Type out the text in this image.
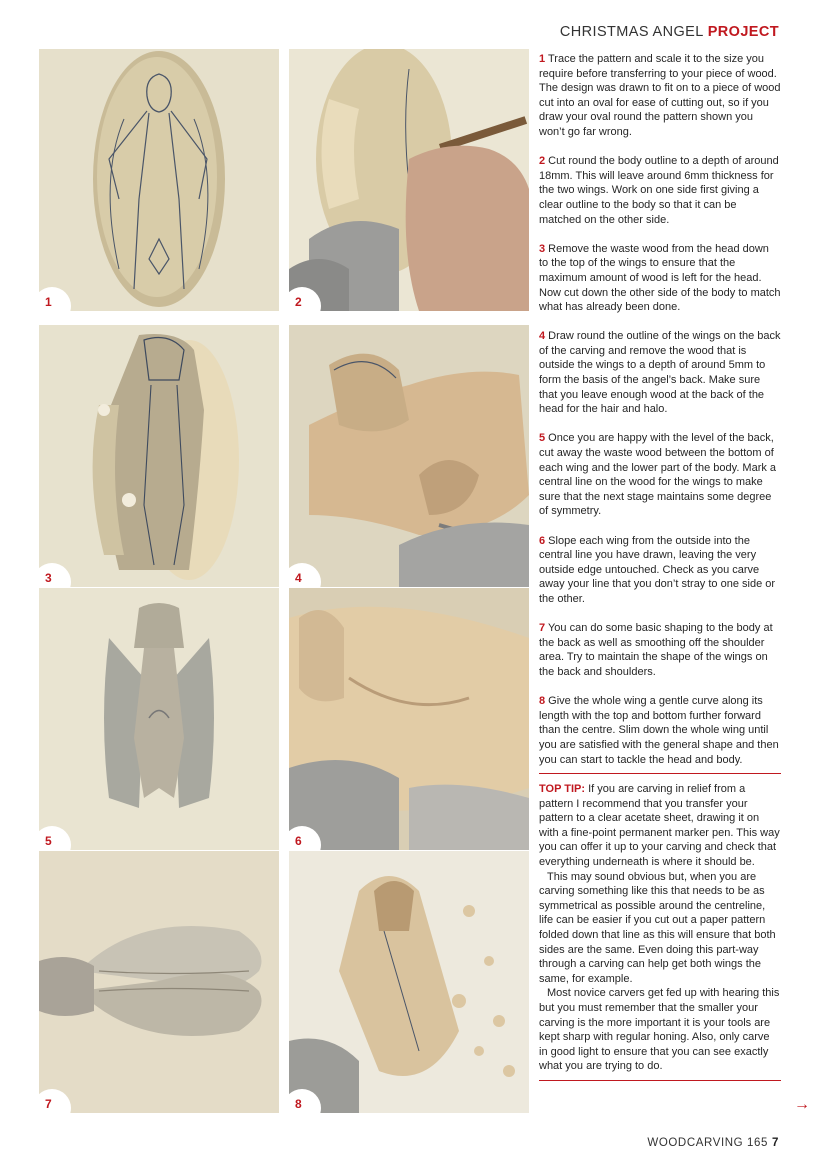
CHRISTMAS ANGEL PROJECT
1	2
3	4
5	6
7	8

1 Trace the pattern and scale it to the size you require before transferring to your piece of wood. The design was drawn to fit on to a piece of wood cut into an oval for ease of cutting out, so if you draw your oval round the pattern shown you won’t go far wrong.

2 Cut round the body outline to a depth of around 18mm. This will leave around 6mm thickness for the two wings. Work on one side first giving a clear outline to the body so that it can be matched on the other side.

3 Remove the waste wood from the head down to the top of the wings to ensure that the maximum amount of wood is left for the head. Now cut down the other side of the body to match what has already been done.

4 Draw round the outline of the wings on the back of the carving and remove the wood that is outside the wings to a depth of around 5mm to form the basis of the angel’s back. Make sure that you leave enough wood at the back of the head for the hair and halo.

5 Once you are happy with the level of the back, cut away the waste wood between the bottom of each wing and the lower part of the body. Mark a central line on the wood for the wings to make sure that the next stage maintains some degree of symmetry.

6 Slope each wing from the outside into the central line you have drawn, leaving the very outside edge untouched. Check as you carve away your line that you don’t stray to one side or the other.

7 You can do some basic shaping to the body at the back as well as smoothing off the shoulder area. Try to maintain the shape of the wings on the back and shoulders.

8 Give the whole wing a gentle curve along its length with the top and bottom further forward than the centre. Slim down the whole wing until you are satisfied with the general shape and then you can start to tackle the head and body.

TOP TIP: If you are carving in relief from a pattern I recommend that you transfer your pattern to a clear acetate sheet, drawing it on with a fine-point permanent marker pen. This way you can offer it up to your carving and check that everything underneath is where it should be.

This may sound obvious but, when you are carving something like this that needs to be as symmetrical as possible around the centreline, life can be easier if you cut out a paper pattern folded down that line as this will ensure that both sides are the same. Even doing this part-way through a carving can help get both wings the same, for example.

Most novice carvers get fed up with hearing this but you must remember that the smaller your carving is the more important it is your tools are kept sharp with regular honing. Also, only carve in good light to ensure that you can see exactly what you are trying to do.

→
WOODCARVING 165 7
